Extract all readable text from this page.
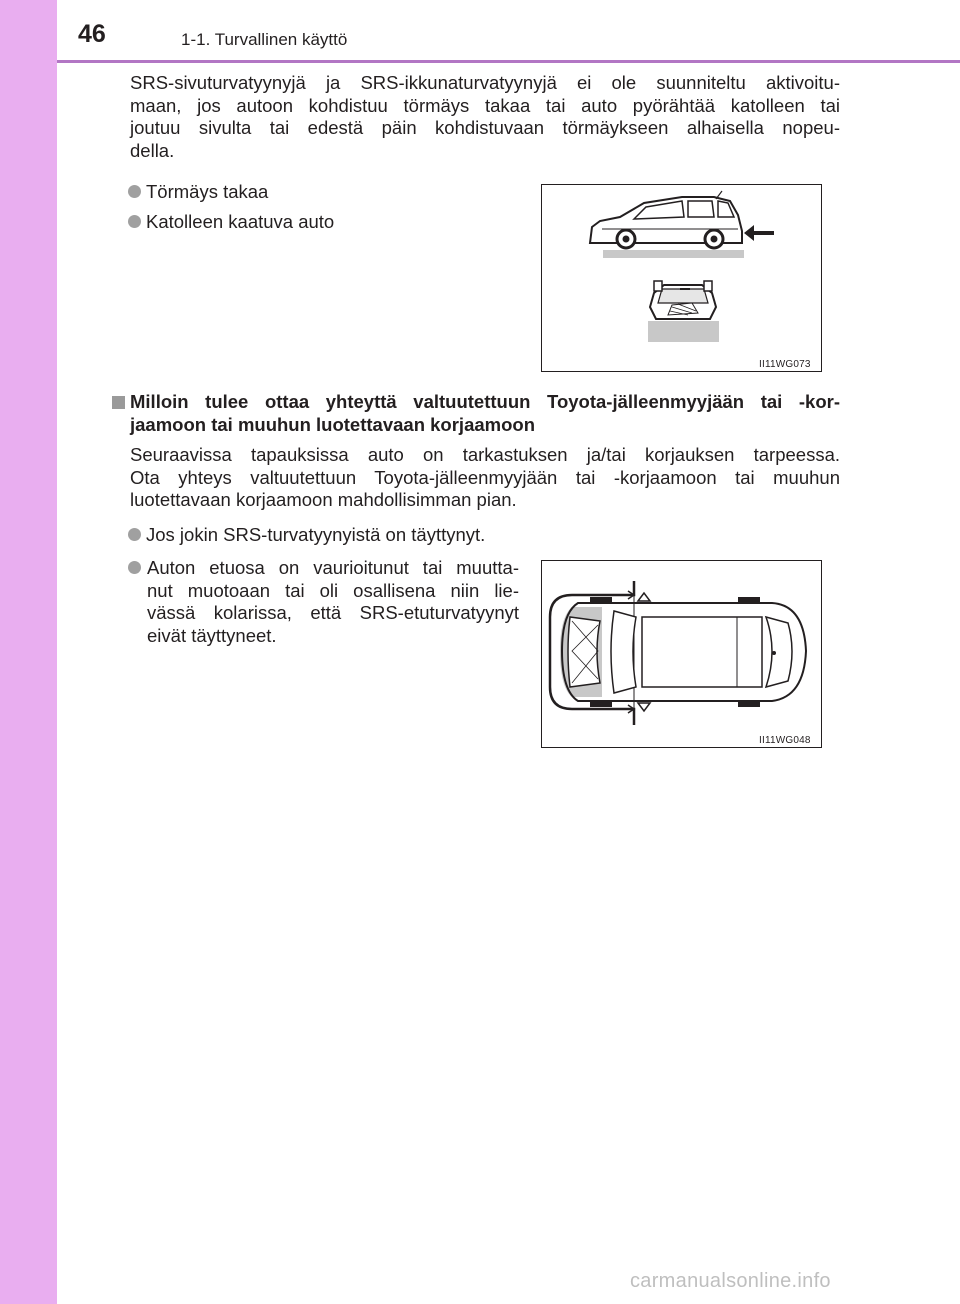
46	1-1. Turvallinen käyttö
SRS-sivuturvatyynyjä ja SRS-ikkunaturvatyynyjä ei ole suunniteltu aktivoitu-
maan, jos autoon kohdistuu törmäys takaa tai auto pyörähtää katolleen tai
joutuu sivulta tai edestä päin kohdistuvaan törmäykseen alhaisella nopeu-
della.
Törmäys takaa
Katolleen kaatuva auto
II11WG073
Milloin tulee ottaa yhteyttä valtuutettuun Toyota-jälleenmyyjään tai -kor-
jaamoon tai muuhun luotettavaan korjaamoon
Seuraavissa tapauksissa auto on tarkastuksen ja/tai korjauksen tarpeessa.
Ota yhteys valtuutettuun Toyota-jälleenmyyjään tai -korjaamoon tai muuhun
luotettavaan korjaamoon mahdollisimman pian.
Jos jokin SRS-turvatyynyistä on täyttynyt.
Auton etuosa on vaurioitunut tai muutta-
nut muotoaan tai oli osallisena niin lie-
vässä kolarissa, että SRS-etuturvatyynyt
eivät täyttyneet.
II11WG048
carmanualsonline.info
